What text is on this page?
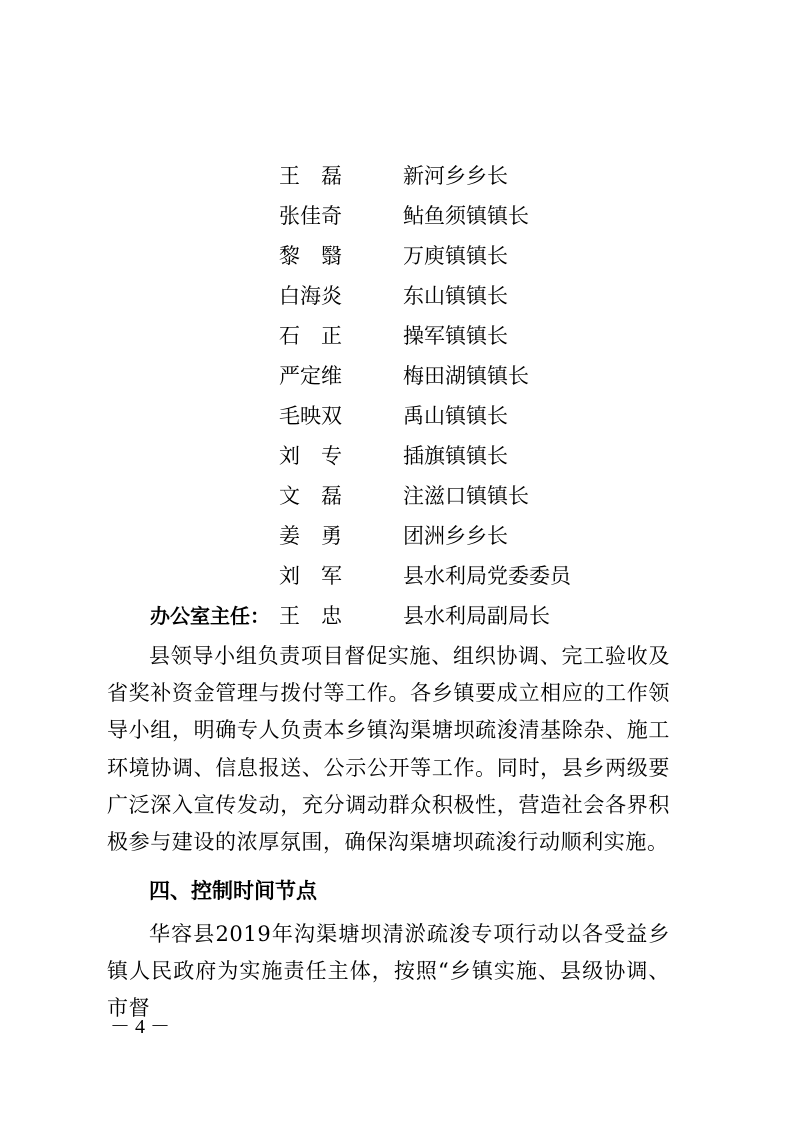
王　磊	新河乡乡长
张佳奇	鲇鱼须镇镇长
黎　翳	万庾镇镇长
白海炎	东山镇镇长
石　正	操军镇镇长
严定维	梅田湖镇镇长
毛映双	禹山镇镇长
刘　专	插旗镇镇长
文　磊	注滋口镇镇长
姜　勇	团洲乡乡长
刘　军	县水利局党委委员
办公室主任： 王　忠	县水利局副局长

县领导小组负责项目督促实施、组织协调、完工验收及省奖补资金管理与拨付等工作。各乡镇要成立相应的工作领导小组，明确专人负责本乡镇沟渠塘坝疏浚清基除杂、施工环境协调、信息报送、公示公开等工作。同时，县乡两级要广泛深入宣传发动，充分调动群众积极性，营造社会各界积极参与建设的浓厚氛围，确保沟渠塘坝疏浚行动顺利实施。

四、控制时间节点

华容县2019年沟渠塘坝清淤疏浚专项行动以各受益乡镇人民政府为实施责任主体，按照“乡镇实施、县级协调、市督

－ 4 －
